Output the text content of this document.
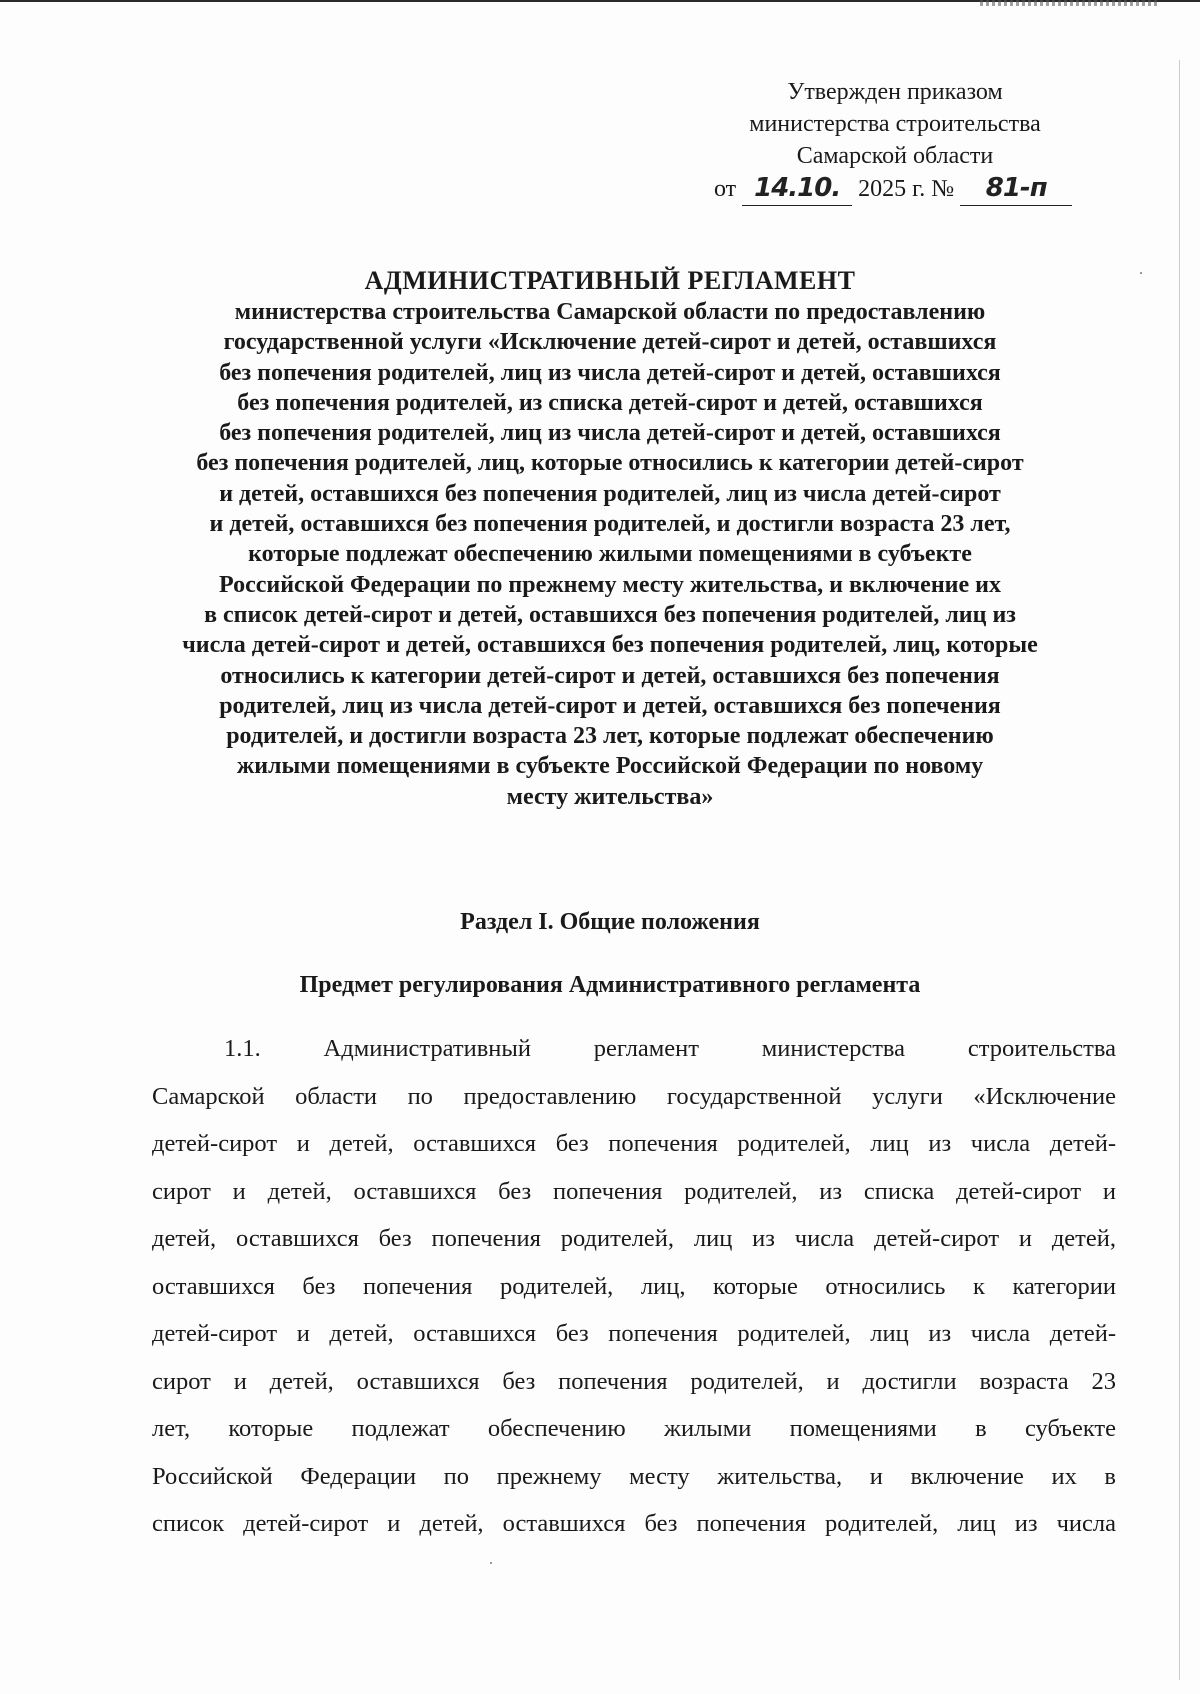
Утвержден приказом
министерства строительства
Самарской области
от 14.10. 2025 г. № 81-п
АДМИНИСТРАТИВНЫЙ РЕГЛАМЕНТ
министерства строительства Самарской области по предоставлению
государственной услуги «Исключение детей-сирот и детей, оставшихся
без попечения родителей, лиц из числа детей-сирот и детей, оставшихся
без попечения родителей, из списка детей-сирот и детей, оставшихся
без попечения родителей, лиц из числа детей-сирот и детей, оставшихся
без попечения родителей, лиц, которые относились к категории детей-сирот
и детей, оставшихся без попечения родителей, лиц из числа детей-сирот
и детей, оставшихся без попечения родителей, и достигли возраста 23 лет,
которые подлежат обеспечению жилыми помещениями в субъекте
Российской Федерации по прежнему месту жительства, и включение их
в список детей-сирот и детей, оставшихся без попечения родителей, лиц из
числа детей-сирот и детей, оставшихся без попечения родителей, лиц, которые
относились к категории детей-сирот и детей, оставшихся без попечения
родителей, лиц из числа детей-сирот и детей, оставшихся без попечения
родителей, и достигли возраста 23 лет, которые подлежат обеспечению
жилыми помещениями в субъекте Российской Федерации по новому
месту жительства»
Раздел I. Общие положения
Предмет регулирования Административного регламента
1.1. Административный регламент министерства строительства
Самарской области по предоставлению государственной услуги «Исключение
детей-сирот и детей, оставшихся без попечения родителей, лиц из числа детей-
сирот и детей, оставшихся без попечения родителей, из списка детей-сирот и
детей, оставшихся без попечения родителей, лиц из числа детей-сирот и детей,
оставшихся без попечения родителей, лиц, которые относились к категории
детей-сирот и детей, оставшихся без попечения родителей, лиц из числа детей-
сирот и детей, оставшихся без попечения родителей, и достигли возраста 23
лет, которые подлежат обеспечению жилыми помещениями в субъекте
Российской Федерации по прежнему месту жительства, и включение их в
список детей-сирот и детей, оставшихся без попечения родителей, лиц из числа
